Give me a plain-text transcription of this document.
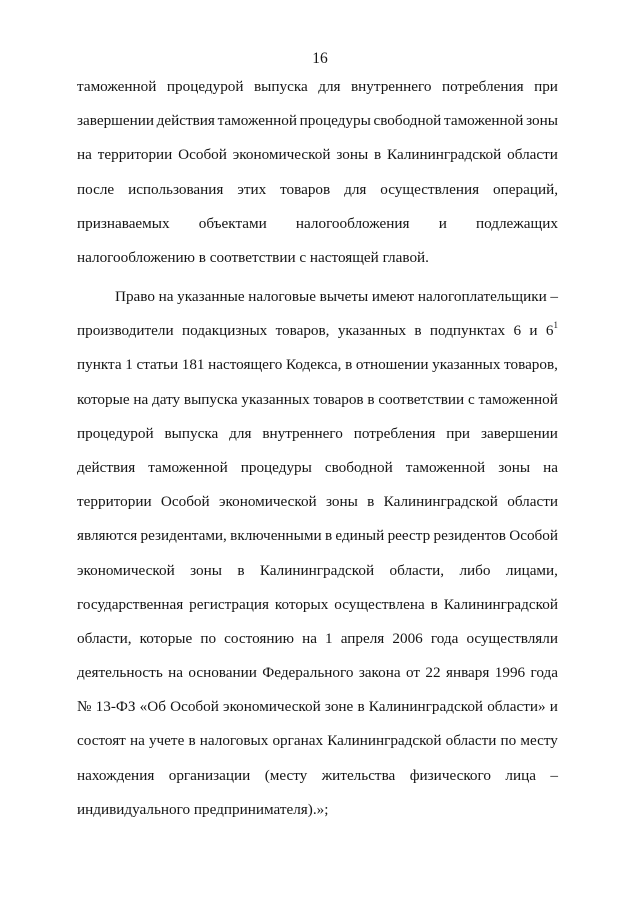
16
таможенной процедурой выпуска для внутреннего потребления при
завершении действия таможенной процедуры свободной таможенной зоны
на территории Особой экономической зоны в Калининградской области
после использования этих товаров для осуществления операций,
признаваемых объектами налогообложения и подлежащих
налогообложению в соответствии с настоящей главой.
Право на указанные налоговые вычеты имеют налогоплательщики –
производители подакцизных товаров, указанных в подпунктах 6 и $6^1$
пункта 1 статьи 181 настоящего Кодекса, в отношении указанных товаров,
которые на дату выпуска указанных товаров в соответствии с таможенной
процедурой выпуска для внутреннего потребления при завершении
действия таможенной процедуры свободной таможенной зоны на
территории Особой экономической зоны в Калининградской области
являются резидентами, включенными в единый реестр резидентов Особой
экономической зоны в Калининградской области, либо лицами,
государственная регистрация которых осуществлена в Калининградской
области, которые по состоянию на 1 апреля 2006 года осуществляли
деятельность на основании Федерального закона от 22 января 1996 года
№ 13-ФЗ «Об Особой экономической зоне в Калининградской области» и
состоят на учете в налоговых органах Калининградской области по месту
нахождения организации (месту жительства физического лица –
индивидуального предпринимателя).»;
